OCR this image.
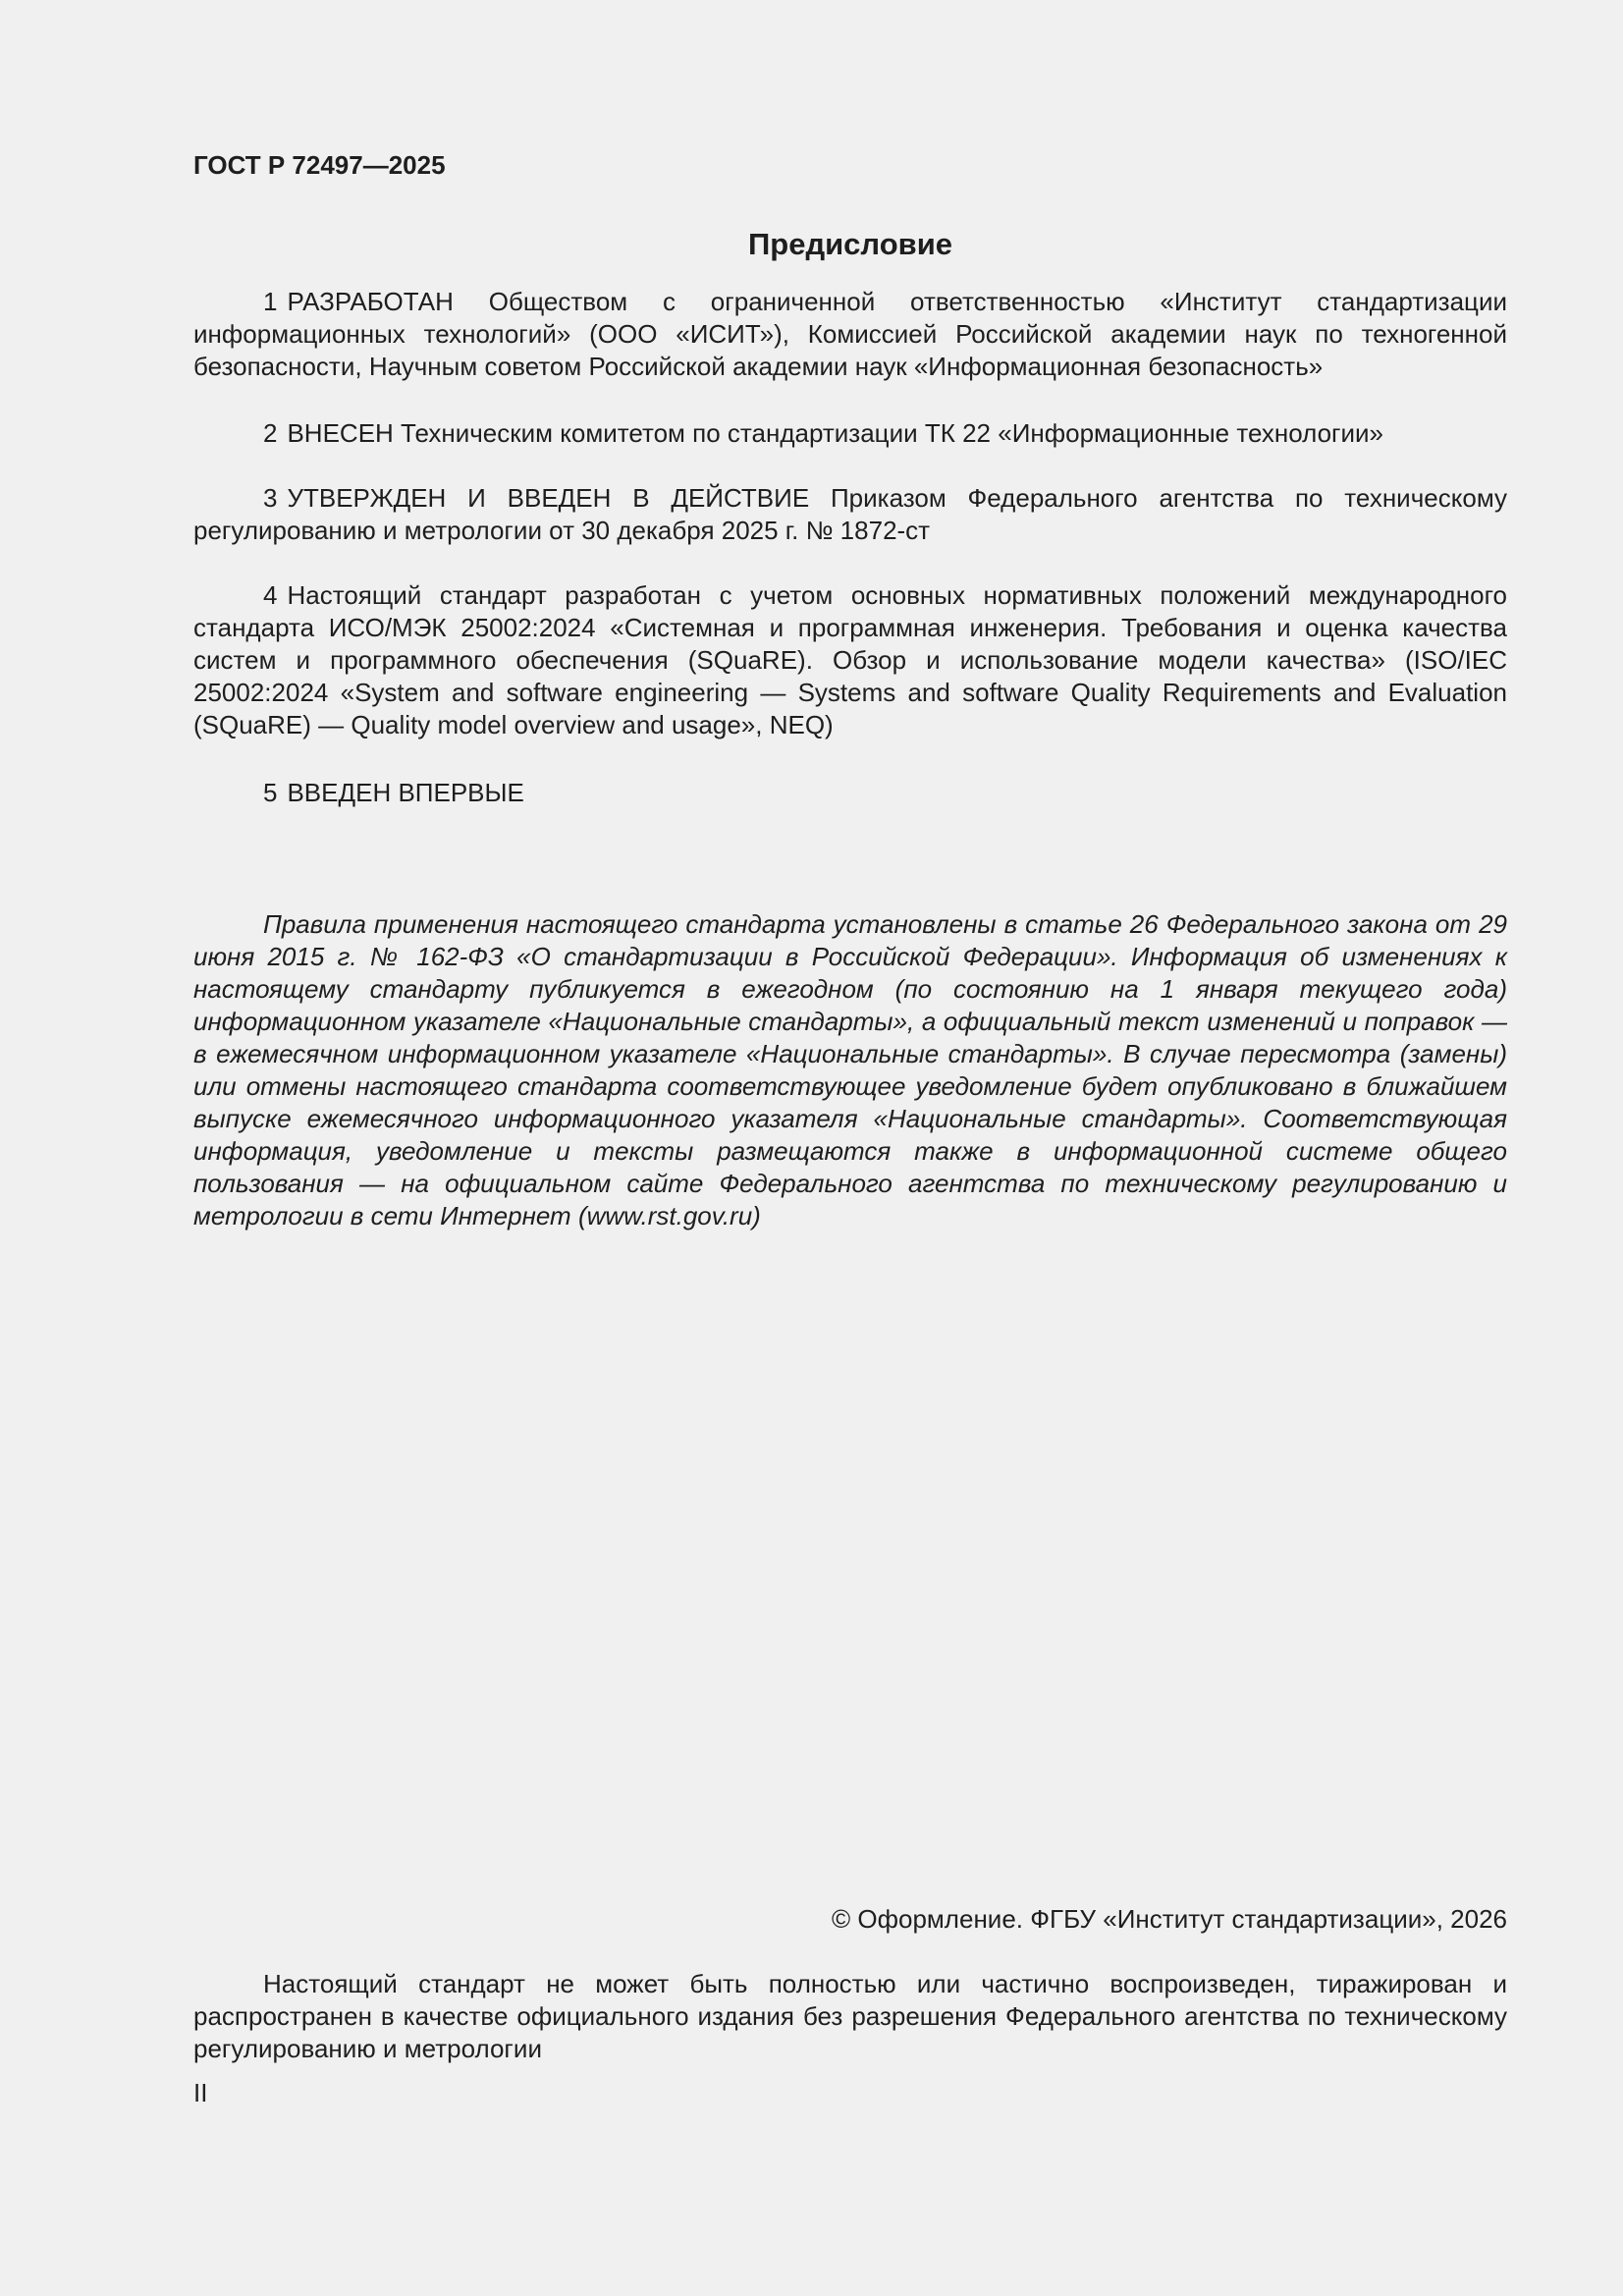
ГОСТ Р 72497—2025
Предисловие

1 РАЗРАБОТАН Обществом с ограниченной ответственностью «Институт стандартизации информационных технологий» (ООО «ИСИТ»), Комиссией Российской академии наук по техногенной безопасности, Научным советом Российской академии наук «Информационная безопасность»

2 ВНЕСЕН Техническим комитетом по стандартизации ТК 22 «Информационные технологии»

3 УТВЕРЖДЕН И ВВЕДЕН В ДЕЙСТВИЕ Приказом Федерального агентства по техническому регулированию и метрологии от 30 декабря 2025 г. № 1872-ст

4 Настоящий стандарт разработан с учетом основных нормативных положений международного стандарта ИСО/МЭК 25002:2024 «Системная и программная инженерия. Требования и оценка качества систем и программного обеспечения (SQuaRE). Обзор и использование модели качества» (ISO/IEC 25002:2024 «System and software engineering — Systems and software Quality Requirements and Evaluation (SQuaRE) — Quality model overview and usage», NEQ)

5 ВВЕДЕН ВПЕРВЫЕ

Правила применения настоящего стандарта установлены в статье 26 Федерального закона от 29 июня 2015 г. № 162-ФЗ «О стандартизации в Российской Федерации». Информация об изменениях к настоящему стандарту публикуется в ежегодном (по состоянию на 1 января текущего года) информационном указателе «Национальные стандарты», а официальный текст изменений и поправок — в ежемесячном информационном указателе «Национальные стандарты». В случае пересмотра (замены) или отмены настоящего стандарта соответствующее уведомление будет опубликовано в ближайшем выпуске ежемесячного информационного указателя «Национальные стандарты». Соответствующая информация, уведомление и тексты размещаются также в информационной системе общего пользования — на официальном сайте Федерального агентства по техническому регулированию и метрологии в сети Интернет (www.rst.gov.ru)

© Оформление. ФГБУ «Институт стандартизации», 2026

Настоящий стандарт не может быть полностью или частично воспроизведен, тиражирован и распространен в качестве официального издания без разрешения Федерального агентства по техническому регулированию и метрологии

II
